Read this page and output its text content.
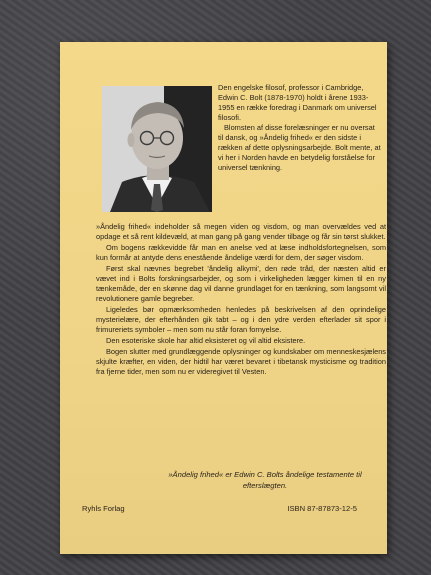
Den engelske filosof, professor i Cambridge, Edwin C. Bolt (1878-1970) holdt i årene 1933-1955 en række foredrag i Danmark om universel filosofi.

Blomsten af disse forelæsninger er nu oversat til dansk, og »Åndelig frihed« er den sidste i rækken af dette oplysningsarbejde. Bolt mente, at vi her i Norden havde en betydelig forståelse for universel tænkning.

»Åndelig frihed« indeholder så megen viden og visdom, og man overvældes ved at opdage et så rent kildevæld, at man gang på gang vender tilbage og får sin tørst slukket.

Om bogens rækkevidde får man en anelse ved at læse indholdsfortegnelsen, som kun formår at antyde dens enestående åndelige værdi for dem, der søger visdom.

Først skal nævnes begrebet 'åndelig alkymi', den røde tråd, der næsten altid er vævet ind i Bolts forskningsarbejder, og som i virkeligheden lægger kimen til en ny tænkemåde, der en skønne dag vil danne grundlaget for en tænkning, som langsomt vil revolutionere gamle begreber.

Ligeledes bør opmærksomheden henledes på beskrivelsen af den oprindelige mysterielære, der efterhånden gik tabt – og i den ydre verden efterlader sit spor i frimureriets symboler – men som nu står foran fornyelse.

Den esoteriske skole har altid eksisteret og vil altid eksistere.

Bogen slutter med grundlæggende oplysninger og kundskaber om menneskesjælens skjulte kræfter, en viden, der hidtil har været bevaret i tibetansk mysticisme og tradition fra fjerne tider, men som nu er videregivet til Vesten.

»Åndelig frihed« er Edwin C. Bolts åndelige testamente til efterslægten.
Ryhls Forlag	ISBN 87-87873-12-5
